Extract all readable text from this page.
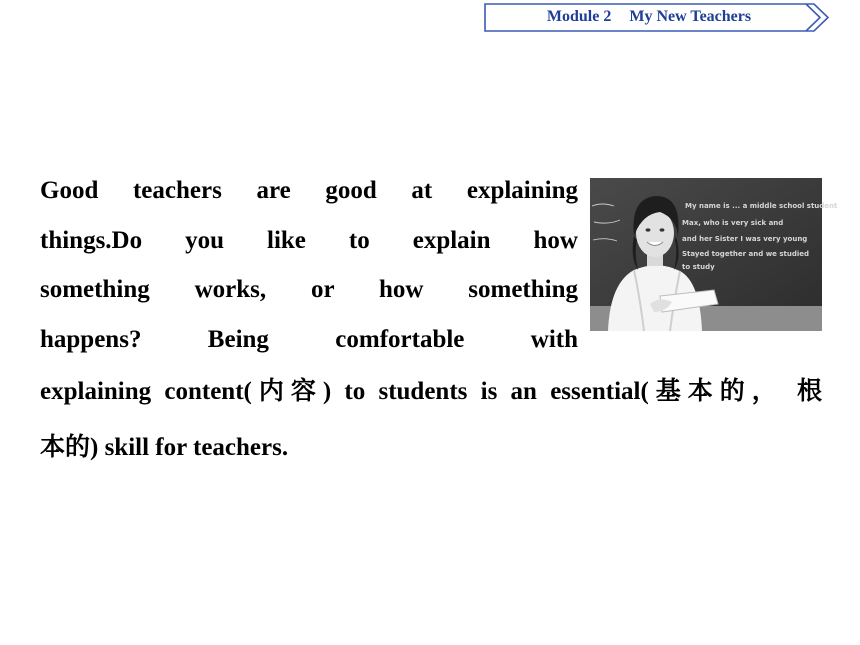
Module 2 My New Teachers
My name is ... a middle school student
Max, who is very sick and
and her Sister I was very young
Stayed together and we studied
to study
Good teachers are good at explaining
things.Do you like to explain how
something works, or how something
happens? Being comfortable with
explaining content(内容) to students is an essential(基本的， 根
本的) skill for teachers.
